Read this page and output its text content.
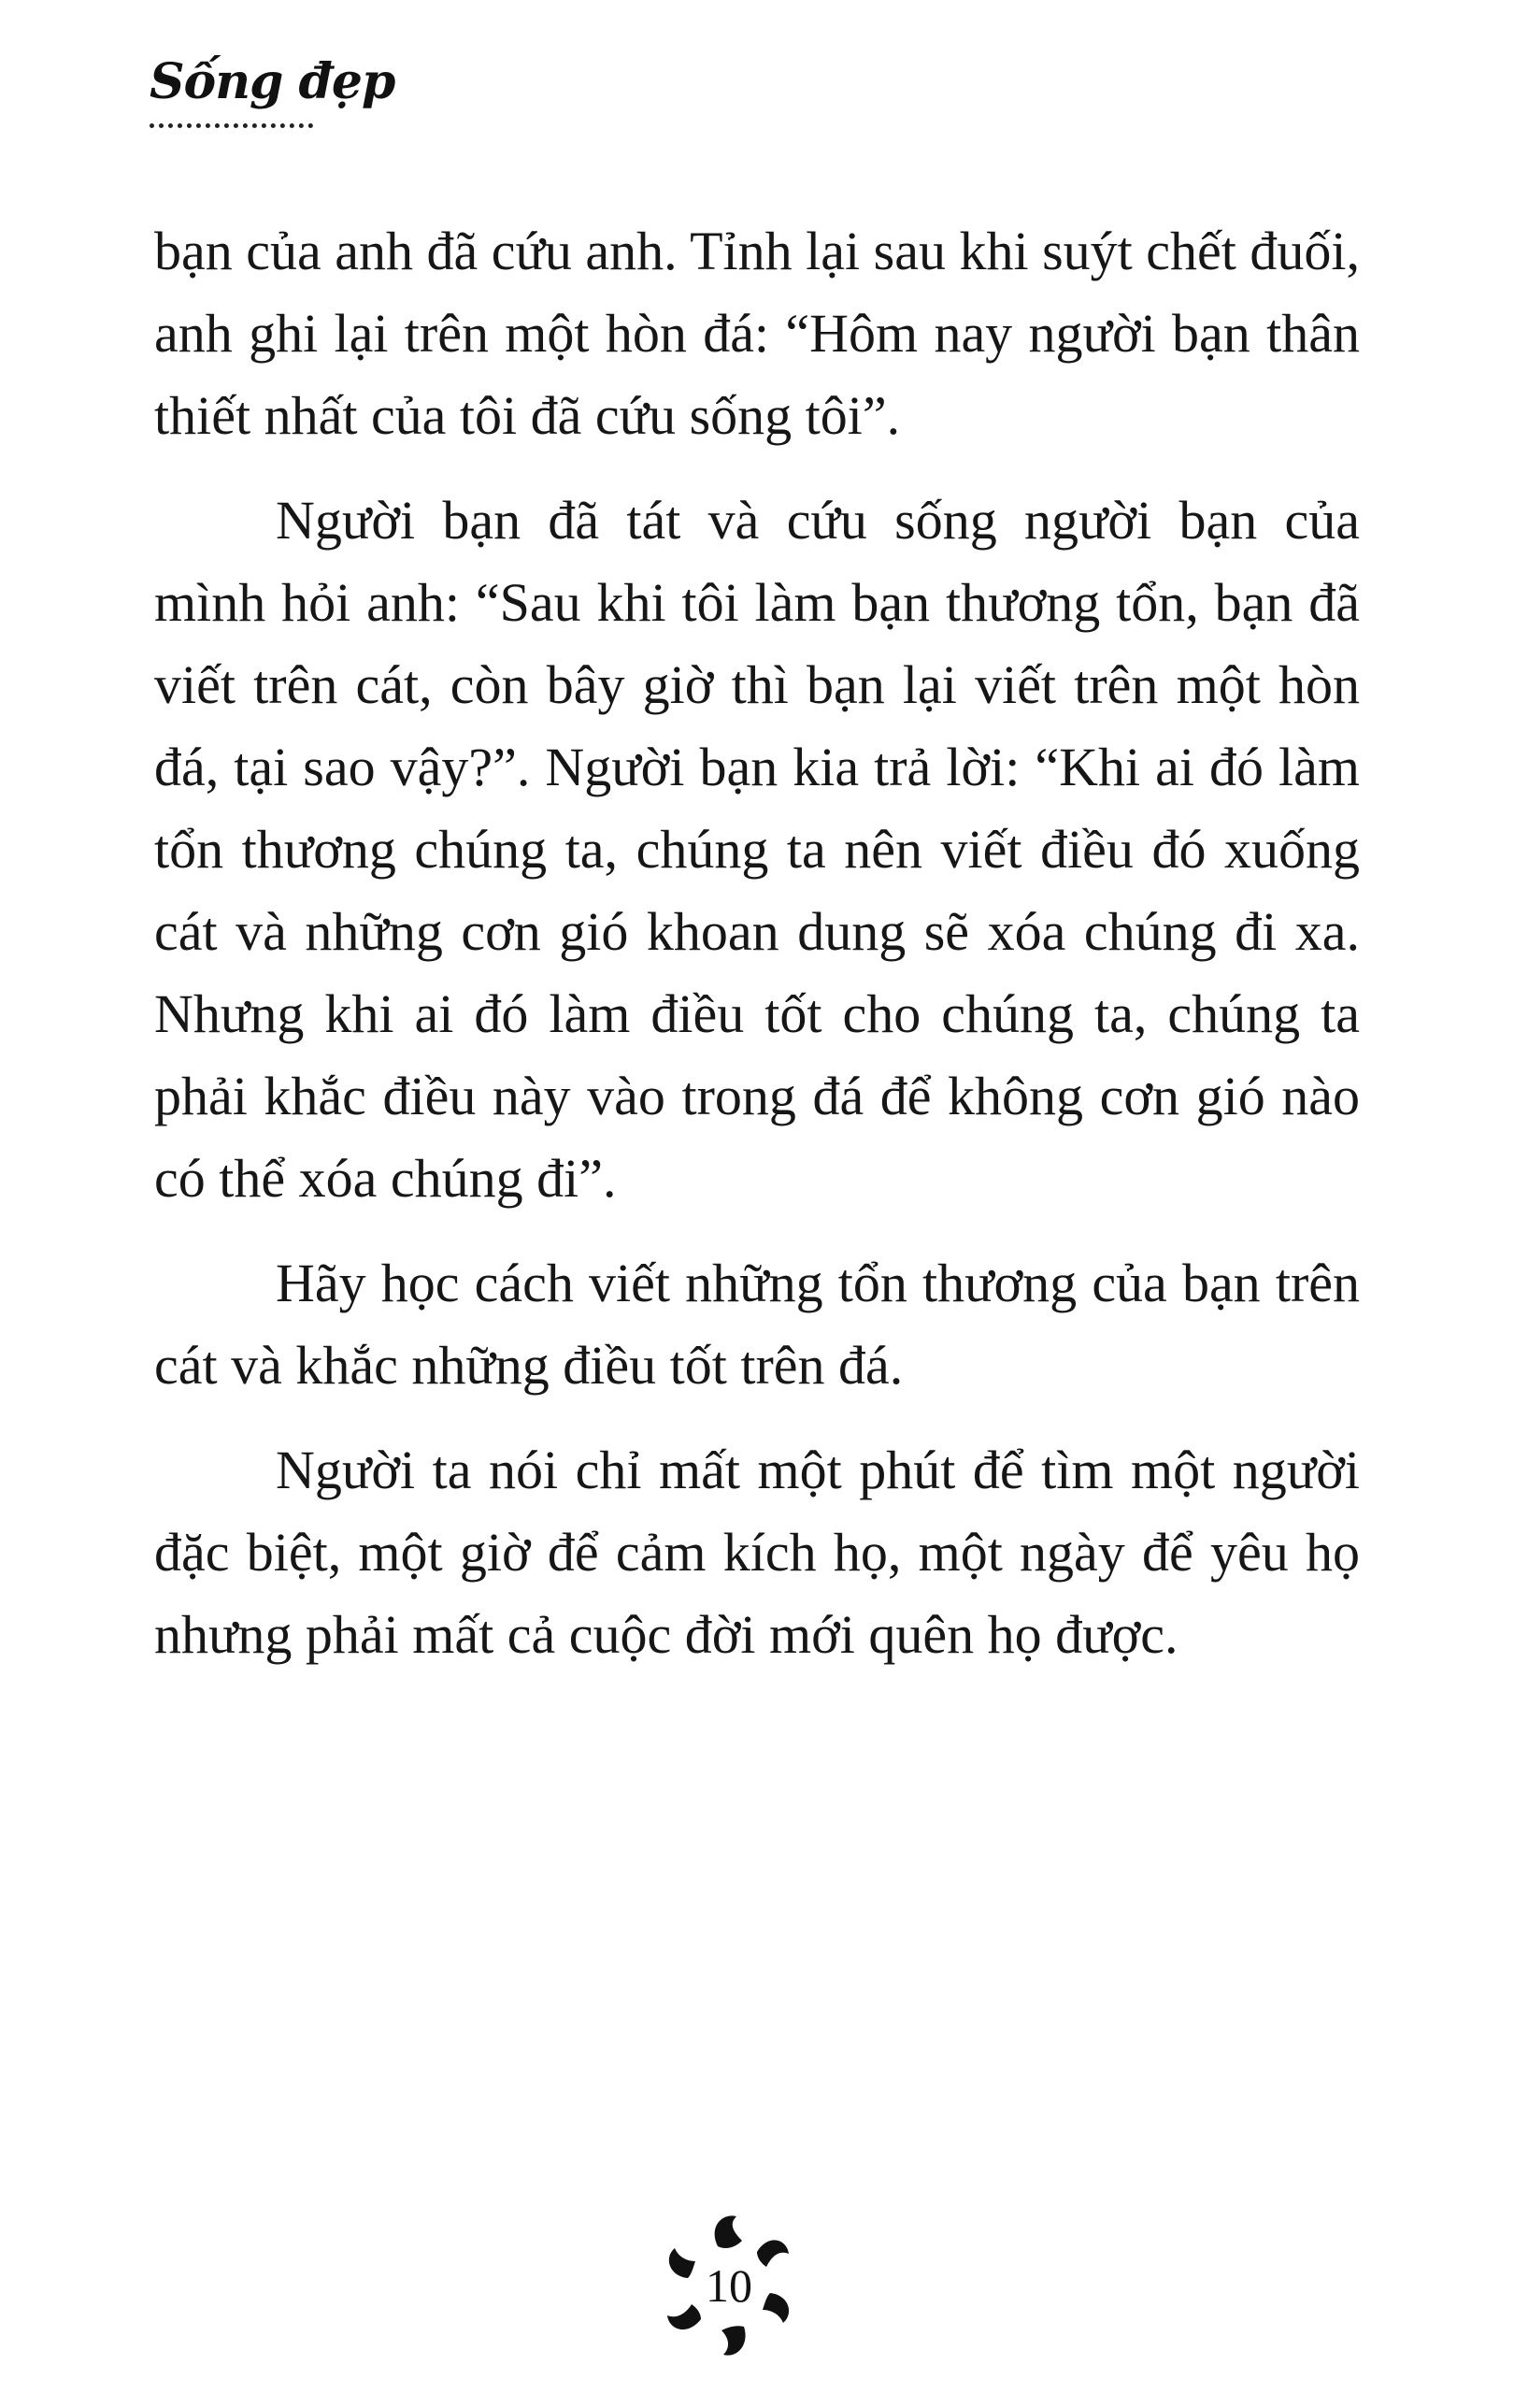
Sống đẹp

bạn của anh đã cứu anh. Tỉnh lại sau khi suýt chết đuối, anh ghi lại trên một hòn đá: “Hôm nay người bạn thân thiết nhất của tôi đã cứu sống tôi”.

Người bạn đã tát và cứu sống người bạn của mình hỏi anh: “Sau khi tôi làm bạn thương tổn, bạn đã viết trên cát, còn bây giờ thì bạn lại viết trên một hòn đá, tại sao vậy?”. Người bạn kia trả lời: “Khi ai đó làm tổn thương chúng ta, chúng ta nên viết điều đó xuống cát và những cơn gió khoan dung sẽ xóa chúng đi xa. Nhưng khi ai đó làm điều tốt cho chúng ta, chúng ta phải khắc điều này vào trong đá để không cơn gió nào có thể xóa chúng đi”.

Hãy học cách viết những tổn thương của bạn trên cát và khắc những điều tốt trên đá.

Người ta nói chỉ mất một phút để tìm một người đặc biệt, một giờ để cảm kích họ, một ngày để yêu họ nhưng phải mất cả cuộc đời mới quên họ được.

10
